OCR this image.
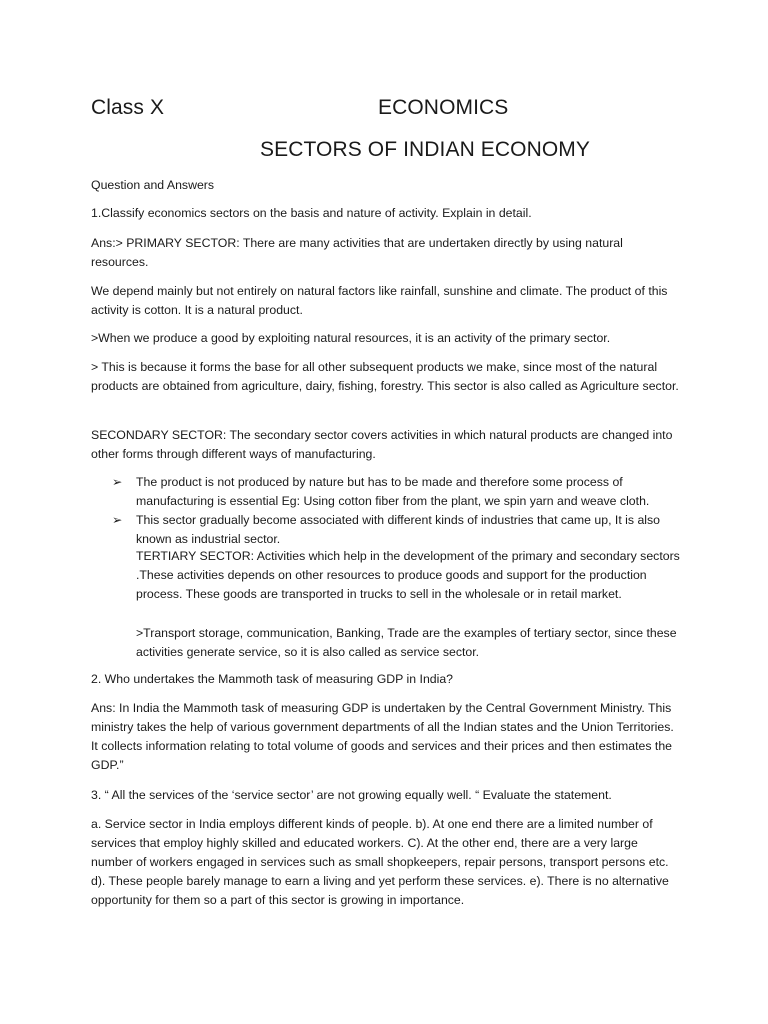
Class X	ECONOMICS
SECTORS OF INDIAN ECONOMY

Question and Answers

1.Classify economics sectors on the basis and nature of activity. Explain in detail.

Ans:> PRIMARY SECTOR: There are many activities that are undertaken directly by using natural resources.

We depend mainly but not entirely on natural factors like rainfall, sunshine and climate. The product of this activity is cotton. It is a natural product.

>When we produce a good by exploiting natural resources, it is an activity of the primary sector.

> This is because it forms the base for all other subsequent products we make, since most of the natural products are obtained from agriculture, dairy, fishing, forestry. This sector is also called as Agriculture sector.

SECONDARY SECTOR: The secondary sector covers activities in which natural products are changed into other forms through different ways of manufacturing.

➢ The product is not produced by nature but has to be made and therefore some process of manufacturing is essential Eg: Using cotton fiber from the plant, we spin yarn and weave cloth.

➢ This sector gradually become associated with different kinds of industries that came up, It is also known as industrial sector.

TERTIARY SECTOR: Activities which help in the development of the primary and secondary sectors .These activities depends on other resources to produce goods and support for the production process. These goods are transported in trucks to sell in the wholesale or in retail market.

>Transport storage, communication, Banking, Trade are the examples of tertiary sector, since these activities generate service, so it is also called as service sector.

2. Who undertakes the Mammoth task of measuring GDP in India?

Ans: In India the Mammoth task of measuring GDP is undertaken by the Central Government Ministry. This ministry takes the help of various government departments of all the Indian states and the Union Territories. It collects information relating to total volume of goods and services and their prices and then estimates the GDP.”

3. “ All the services of the ‘service sector’ are not growing equally well. “ Evaluate the statement.

a. Service sector in India employs different kinds of people. b). At one end there are a limited number of services that employ highly skilled and educated workers. C). At the other end, there are a very large number of workers engaged in services such as small shopkeepers, repair persons, transport persons etc. d). These people barely manage to earn a living and yet perform these services. e). There is no alternative opportunity for them so a part of this sector is growing in importance.
